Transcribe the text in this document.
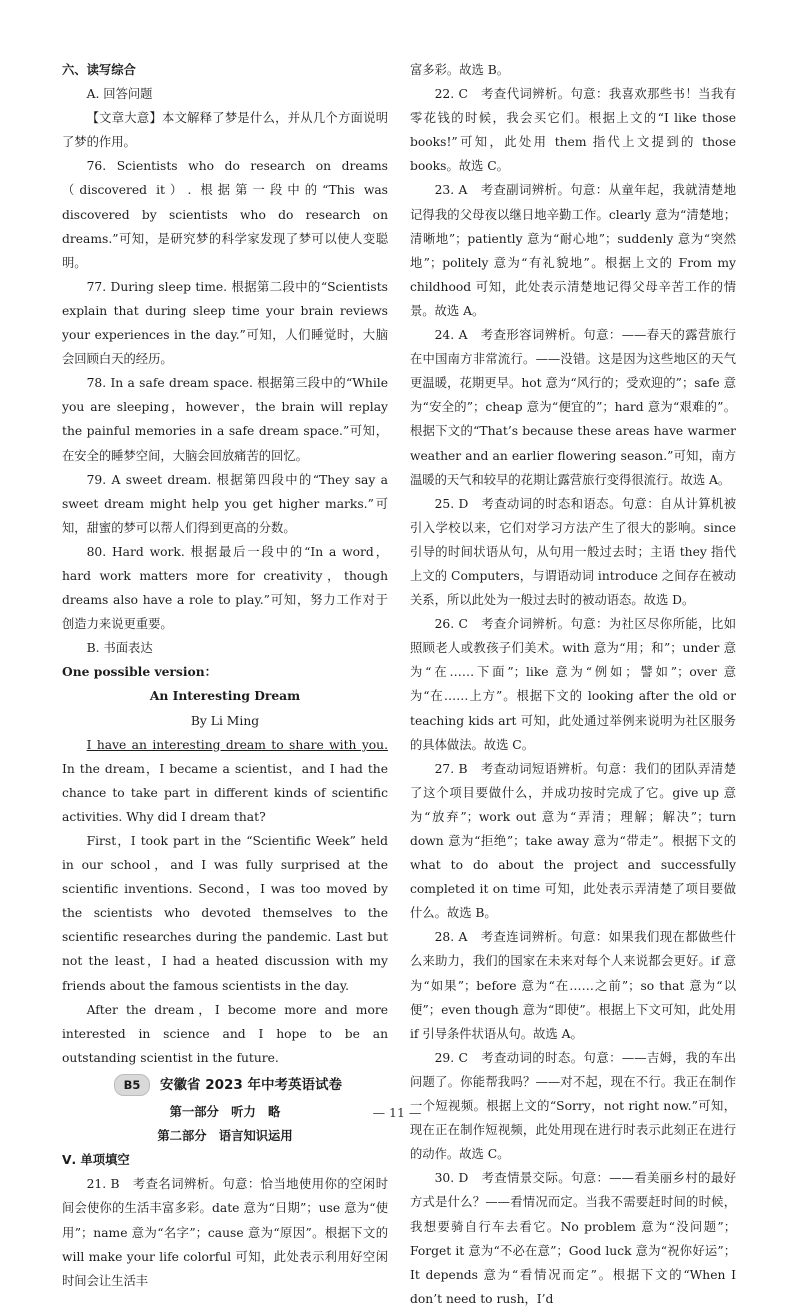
六、读写综合

A. 回答问题

【文章大意】本文解释了梦是什么，并从几个方面说明了梦的作用。

76. Scientists who do research on dreams（discovered it）. 根据第一段中的“This was discovered by scientists who do research on dreams.”可知，是研究梦的科学家发现了梦可以使人变聪明。

77. During sleep time. 根据第二段中的“Scientists explain that during sleep time your brain reviews your experiences in the day.”可知，人们睡觉时，大脑会回顾白天的经历。

78. In a safe dream space. 根据第三段中的“While you are sleeping，however，the brain will replay the painful memories in a safe dream space.”可知，在安全的睡梦空间，大脑会回放痛苦的回忆。

79. A sweet dream. 根据第四段中的“They say a sweet dream might help you get higher marks.”可知，甜蜜的梦可以帮人们得到更高的分数。

80. Hard work. 根据最后一段中的“In a word，hard work matters more for creativity，though dreams also have a role to play.”可知，努力工作对于创造力来说更重要。

B. 书面表达

One possible version：

An Interesting Dream

By Li Ming

I have an interesting dream to share with you. In the dream，I became a scientist，and I had the chance to take part in different kinds of scientific activities. Why did I dream that?

First，I took part in the “Scientific Week” held in our school，and I was fully surprised at the scientific inventions. Second，I was too moved by the scientists who devoted themselves to the scientific researches during the pandemic. Last but not the least，I had a heated discussion with my friends about the famous scientists in the day.

After the dream，I become more and more interested in science and I hope to be an outstanding scientist in the future.

B5	安徽省 2023 年中考英语试卷

第一部分　听力　略

第二部分　语言知识运用

Ⅴ. 单项填空

21. B　考查名词辨析。句意：恰当地使用你的空闲时间会使你的生活丰富多彩。date 意为“日期”；use 意为“使用”；name 意为“名字”；cause 意为“原因”。根据下文的 will make your life colorful 可知，此处表示利用好空闲时间会让生活丰

富多彩。故选 B。

22. C　考查代词辨析。句意：我喜欢那些书！当我有零花钱的时候，我会买它们。根据上文的“I like those books!”可知，此处用 them 指代上文提到的 those books。故选 C。

23. A　考查副词辨析。句意：从童年起，我就清楚地记得我的父母夜以继日地辛勤工作。clearly 意为“清楚地；清晰地”；patiently 意为“耐心地”；suddenly 意为“突然地”；politely 意为“有礼貌地”。根据上文的 From my childhood 可知，此处表示清楚地记得父母辛苦工作的情景。故选 A。

24. A　考查形容词辨析。句意：——春天的露营旅行在中国南方非常流行。——没错。这是因为这些地区的天气更温暖，花期更早。hot 意为“风行的；受欢迎的”；safe 意为“安全的”；cheap 意为“便宜的”；hard 意为“艰难的”。根据下文的“That’s because these areas have warmer weather and an earlier flowering season.”可知，南方温暖的天气和较早的花期让露营旅行变得很流行。故选 A。

25. D　考查动词的时态和语态。句意：自从计算机被引入学校以来，它们对学习方法产生了很大的影响。since 引导的时间状语从句，从句用一般过去时；主语 they 指代上文的 Computers，与谓语动词 introduce 之间存在被动关系，所以此处为一般过去时的被动语态。故选 D。

26. C　考查介词辨析。句意：为社区尽你所能，比如照顾老人或教孩子们美术。with 意为“用；和”；under 意为“在……下面”；like 意为“例如；譬如”；over 意为“在……上方”。根据下文的 looking after the old or teaching kids art 可知，此处通过举例来说明为社区服务的具体做法。故选 C。

27. B　考查动词短语辨析。句意：我们的团队弄清楚了这个项目要做什么，并成功按时完成了它。give up 意为“放弃”；work out 意为“弄清；理解；解决”；turn down 意为“拒绝”；take away 意为“带走”。根据下文的 what to do about the project and successfully completed it on time 可知，此处表示弄清楚了项目要做什么。故选 B。

28. A　考查连词辨析。句意：如果我们现在都做些什么来助力，我们的国家在未来对每个人来说都会更好。if 意为“如果”；before 意为“在……之前”；so that 意为“以便”；even though 意为“即使”。根据上下文可知，此处用 if 引导条件状语从句。故选 A。

29. C　考查动词的时态。句意：——吉姆，我的车出问题了。你能帮我吗？——对不起，现在不行。我正在制作一个短视频。根据上文的“Sorry，not right now.”可知，现在正在制作短视频，此处用现在进行时表示此刻正在进行的动作。故选 C。

30. D　考查情景交际。句意：——看美丽乡村的最好方式是什么？——看情况而定。当我不需要赶时间的时候，我想要骑自行车去看它。No problem 意为“没问题”；Forget it 意为“不必在意”；Good luck 意为“祝你好运”；It depends 意为“看情况而定”。根据下文的“When I don’t need to rush，I’d

— 11 —
